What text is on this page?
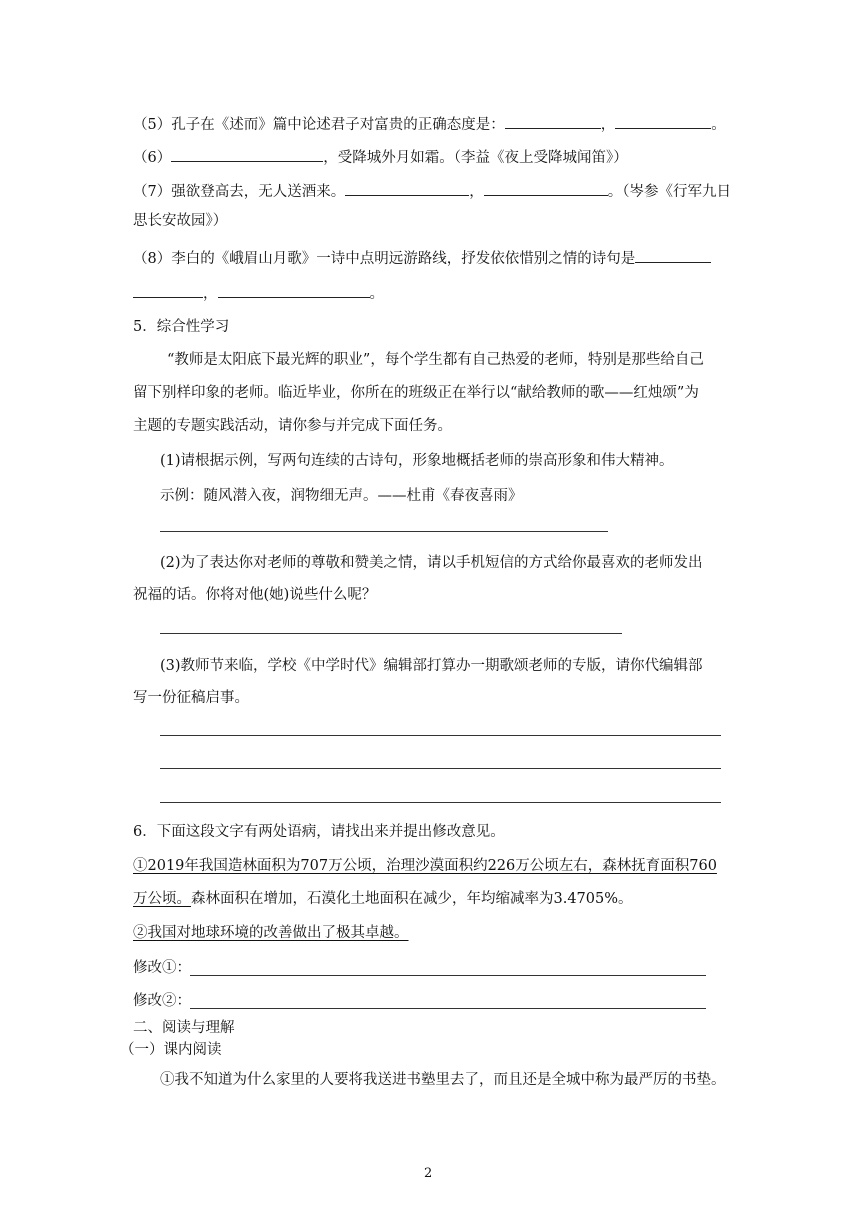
（5）孔子在《述而》篇中论述君子对富贵的正确态度是：	，	。
（6）	，受降城外月如霜。（李益《夜上受降城闻笛》）
（7）强欲登高去，无人送酒来。	，	。（岑参《行军九日
思长安故园》）
（8）李白的《峨眉山月歌》一诗中点明远游路线，抒发依依惜别之情的诗句是
，	。
5．综合性学习
“教师是太阳底下最光辉的职业”，每个学生都有自己热爱的老师，特别是那些给自己
留下别样印象的老师。临近毕业，你所在的班级正在举行以“献给教师的歌——红烛颂”为
主题的专题实践活动，请你参与并完成下面任务。
(1)请根据示例，写两句连续的古诗句，形象地概括老师的崇高形象和伟大精神。
示例：随风潜入夜，润物细无声。——杜甫《春夜喜雨》
(2)为了表达你对老师的尊敬和赞美之情，请以手机短信的方式给你最喜欢的老师发出
祝福的话。你将对他(她)说些什么呢？
(3)教师节来临，学校《中学时代》编辑部打算办一期歌颂老师的专版，请你代编辑部
写一份征稿启事。
6．下面这段文字有两处语病，请找出来并提出修改意见。
①2019年我国造林面积为707万公顷，治理沙漠面积约226万公顷左右，森林抚育面积760
万公顷。森林面积在增加，石漠化土地面积在减少，年均缩减率为3.4705%。
②我国对地球环境的改善做出了极其卓越。
修改①：
修改②：
二、阅读与理解
（一）课内阅读
①我不知道为什么家里的人要将我送进书塾里去了，而且还是全城中称为最严厉的书垫。
2
